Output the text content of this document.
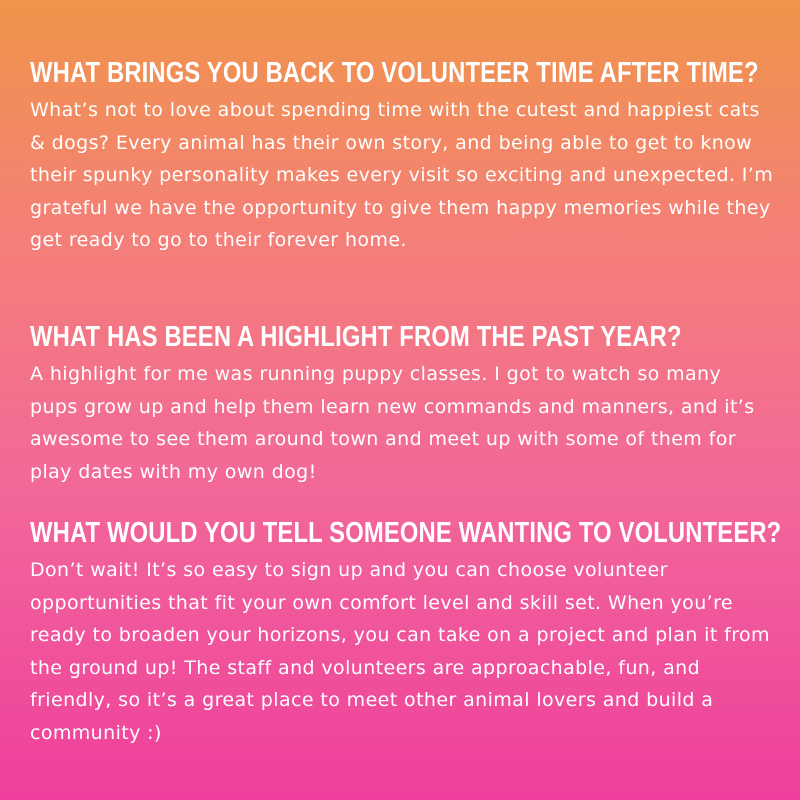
WHAT BRINGS YOU BACK TO VOLUNTEER TIME AFTER TIME?

What’s not to love about spending time with the cutest and happiest cats & dogs? Every animal has their own story, and being able to get to know their spunky personality makes every visit so exciting and unexpected. I’m grateful we have the opportunity to give them happy memories while they get ready to go to their forever home.

WHAT HAS BEEN A HIGHLIGHT FROM THE PAST YEAR?

A highlight for me was running puppy classes. I got to watch so many pups grow up and help them learn new commands and manners, and it’s awesome to see them around town and meet up with some of them for play dates with my own dog!

WHAT WOULD YOU TELL SOMEONE WANTING TO VOLUNTEER?

Don’t wait! It’s so easy to sign up and you can choose volunteer opportunities that fit your own comfort level and skill set. When you’re ready to broaden your horizons, you can take on a project and plan it from the ground up! The staff and volunteers are approachable, fun, and friendly, so it’s a great place to meet other animal lovers and build a community :)
